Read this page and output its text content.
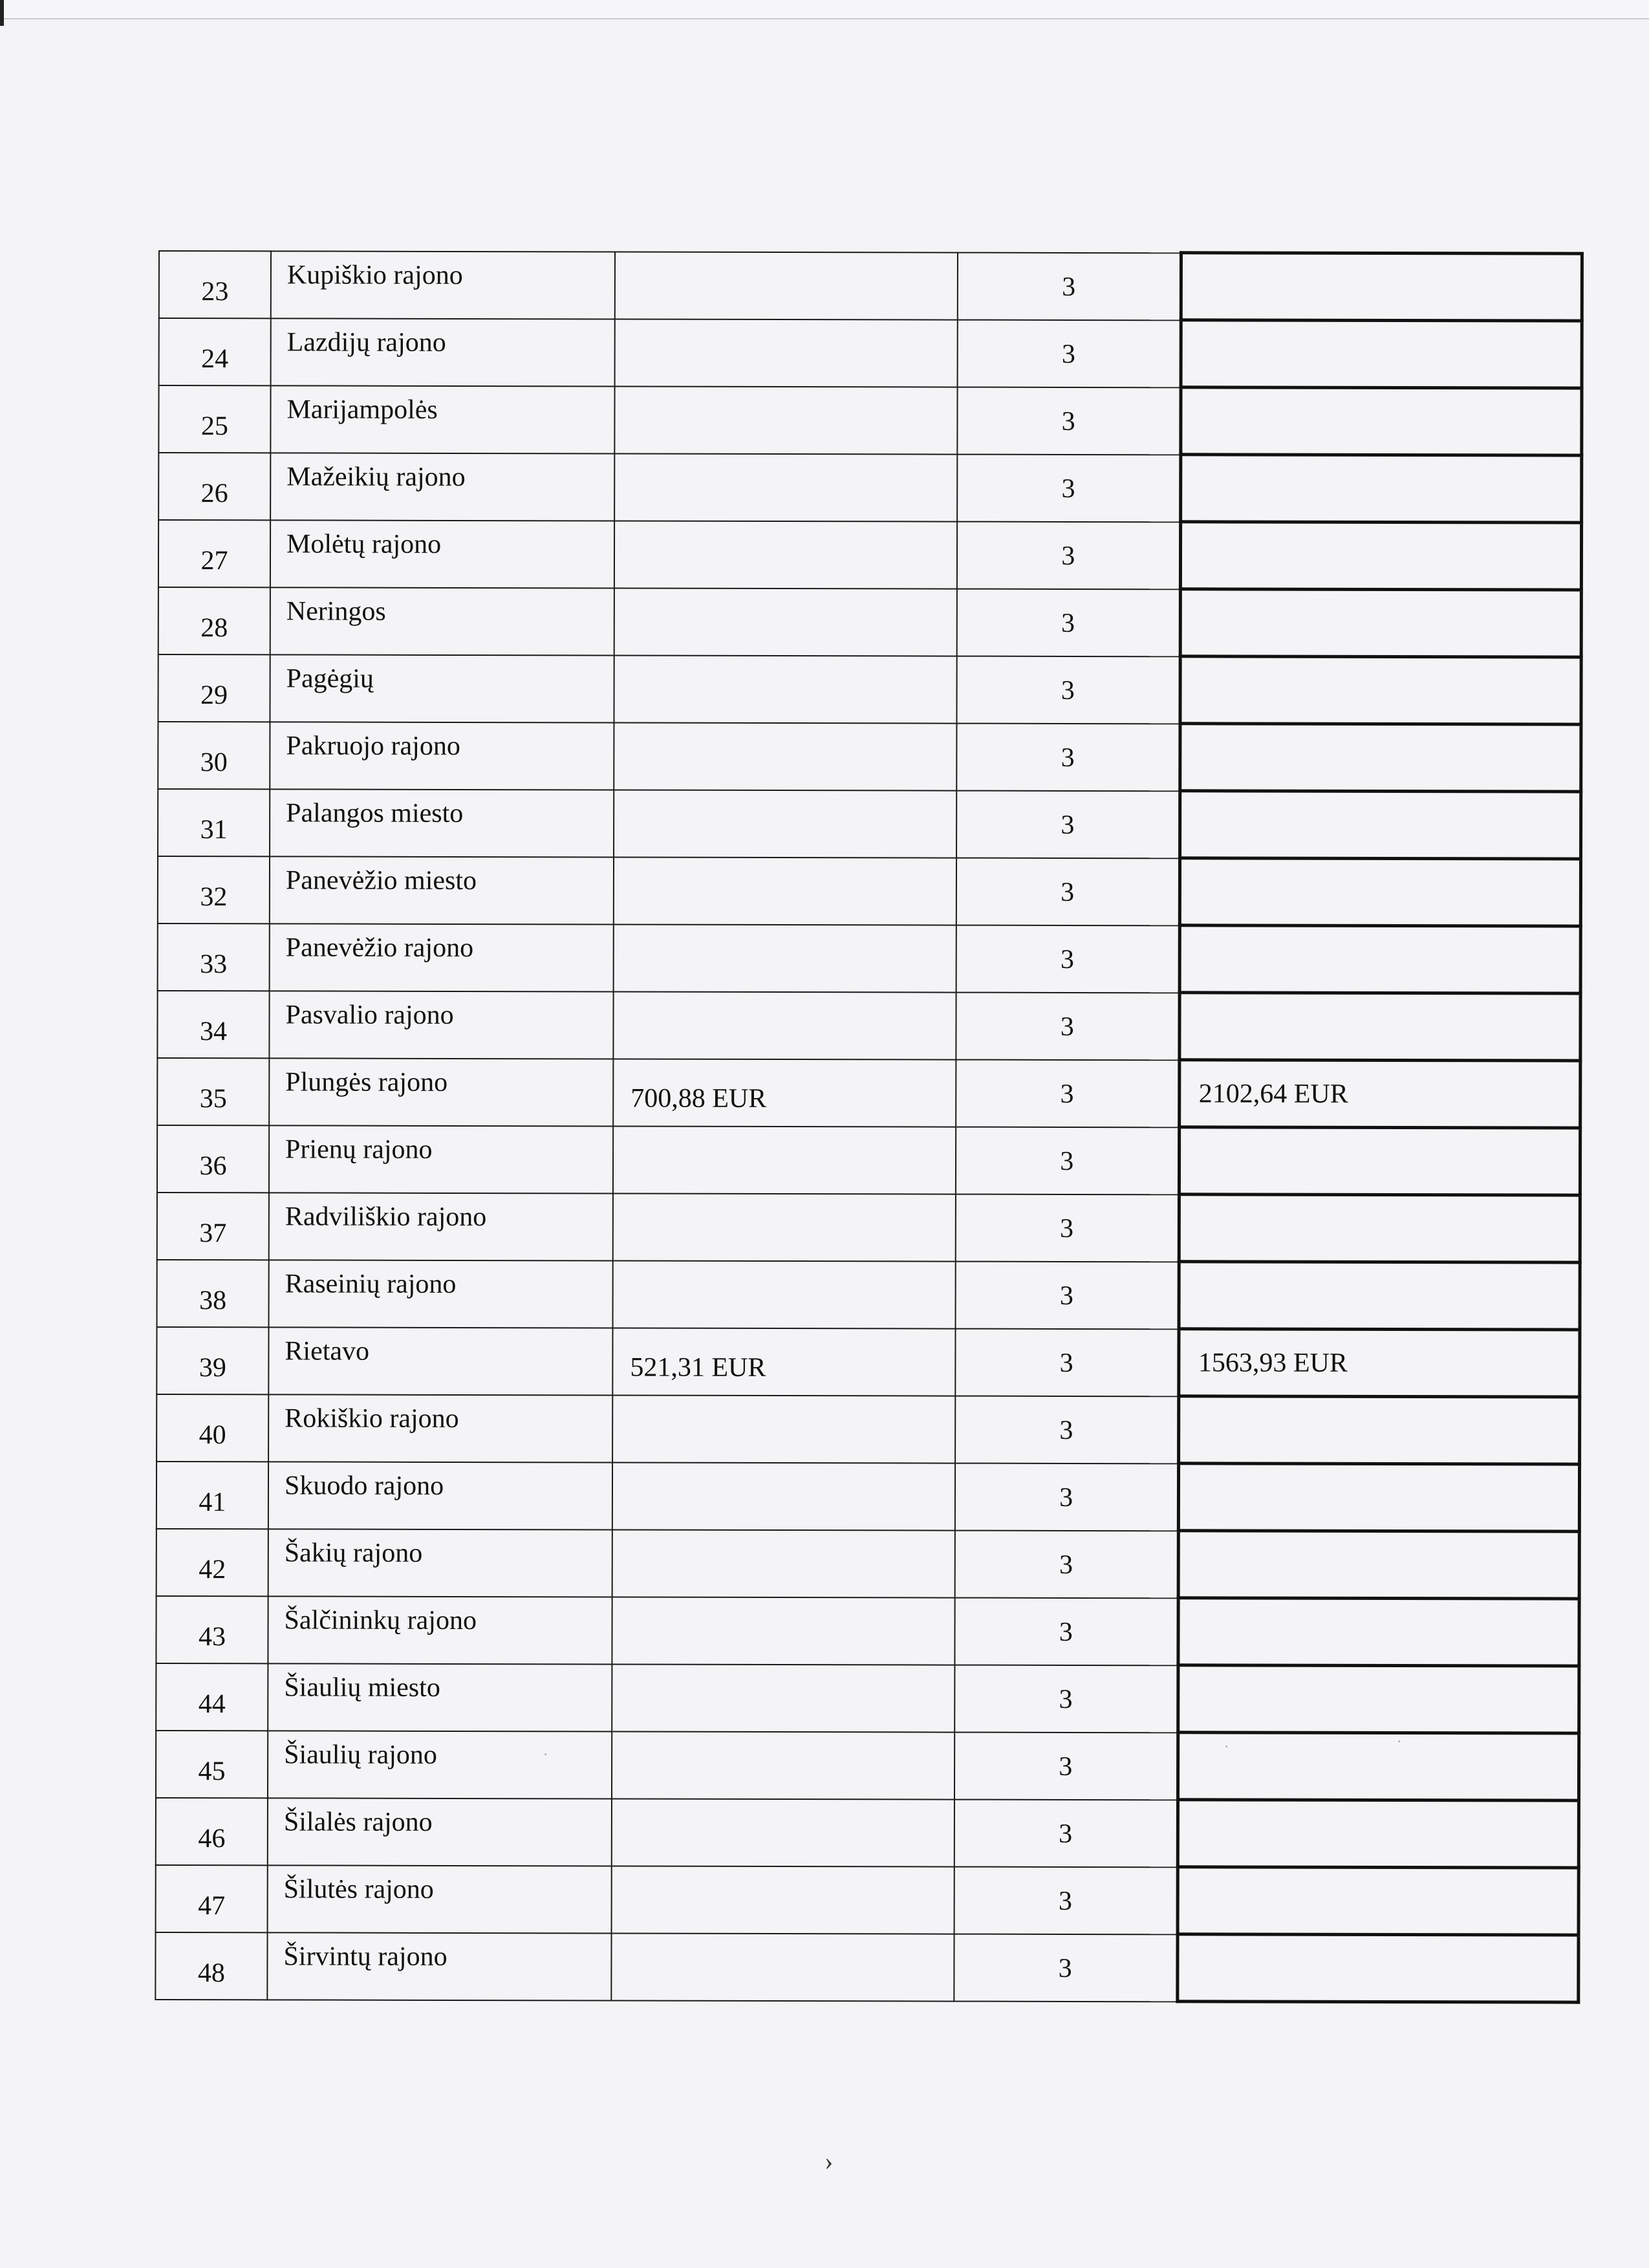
23	Kupiškio rajono		3	
24	Lazdijų rajono		3	
25	Marijampolės		3	
26	Mažeikių rajono		3	
27	Molėtų rajono		3	
28	Neringos		3	
29	Pagėgių		3	
30	Pakruojo rajono		3	
31	Palangos miesto		3	
32	Panevėžio miesto		3	
33	Panevėžio rajono		3	
34	Pasvalio rajono		3	
35	Plungės rajono	700,88 EUR	3	2102,64 EUR
36	Prienų rajono		3	
37	Radviliškio rajono		3	
38	Raseinių rajono		3	
39	Rietavo	521,31 EUR	3	1563,93 EUR
40	Rokiškio rajono		3	
41	Skuodo rajono		3	
42	Šakių rajono		3	
43	Šalčininkų rajono		3	
44	Šiaulių miesto		3	
45	Šiaulių rajono		3	
46	Šilalės rajono		3	
47	Šilutės rajono		3	
48	Širvintų rajono		3	
›
·	·
·
